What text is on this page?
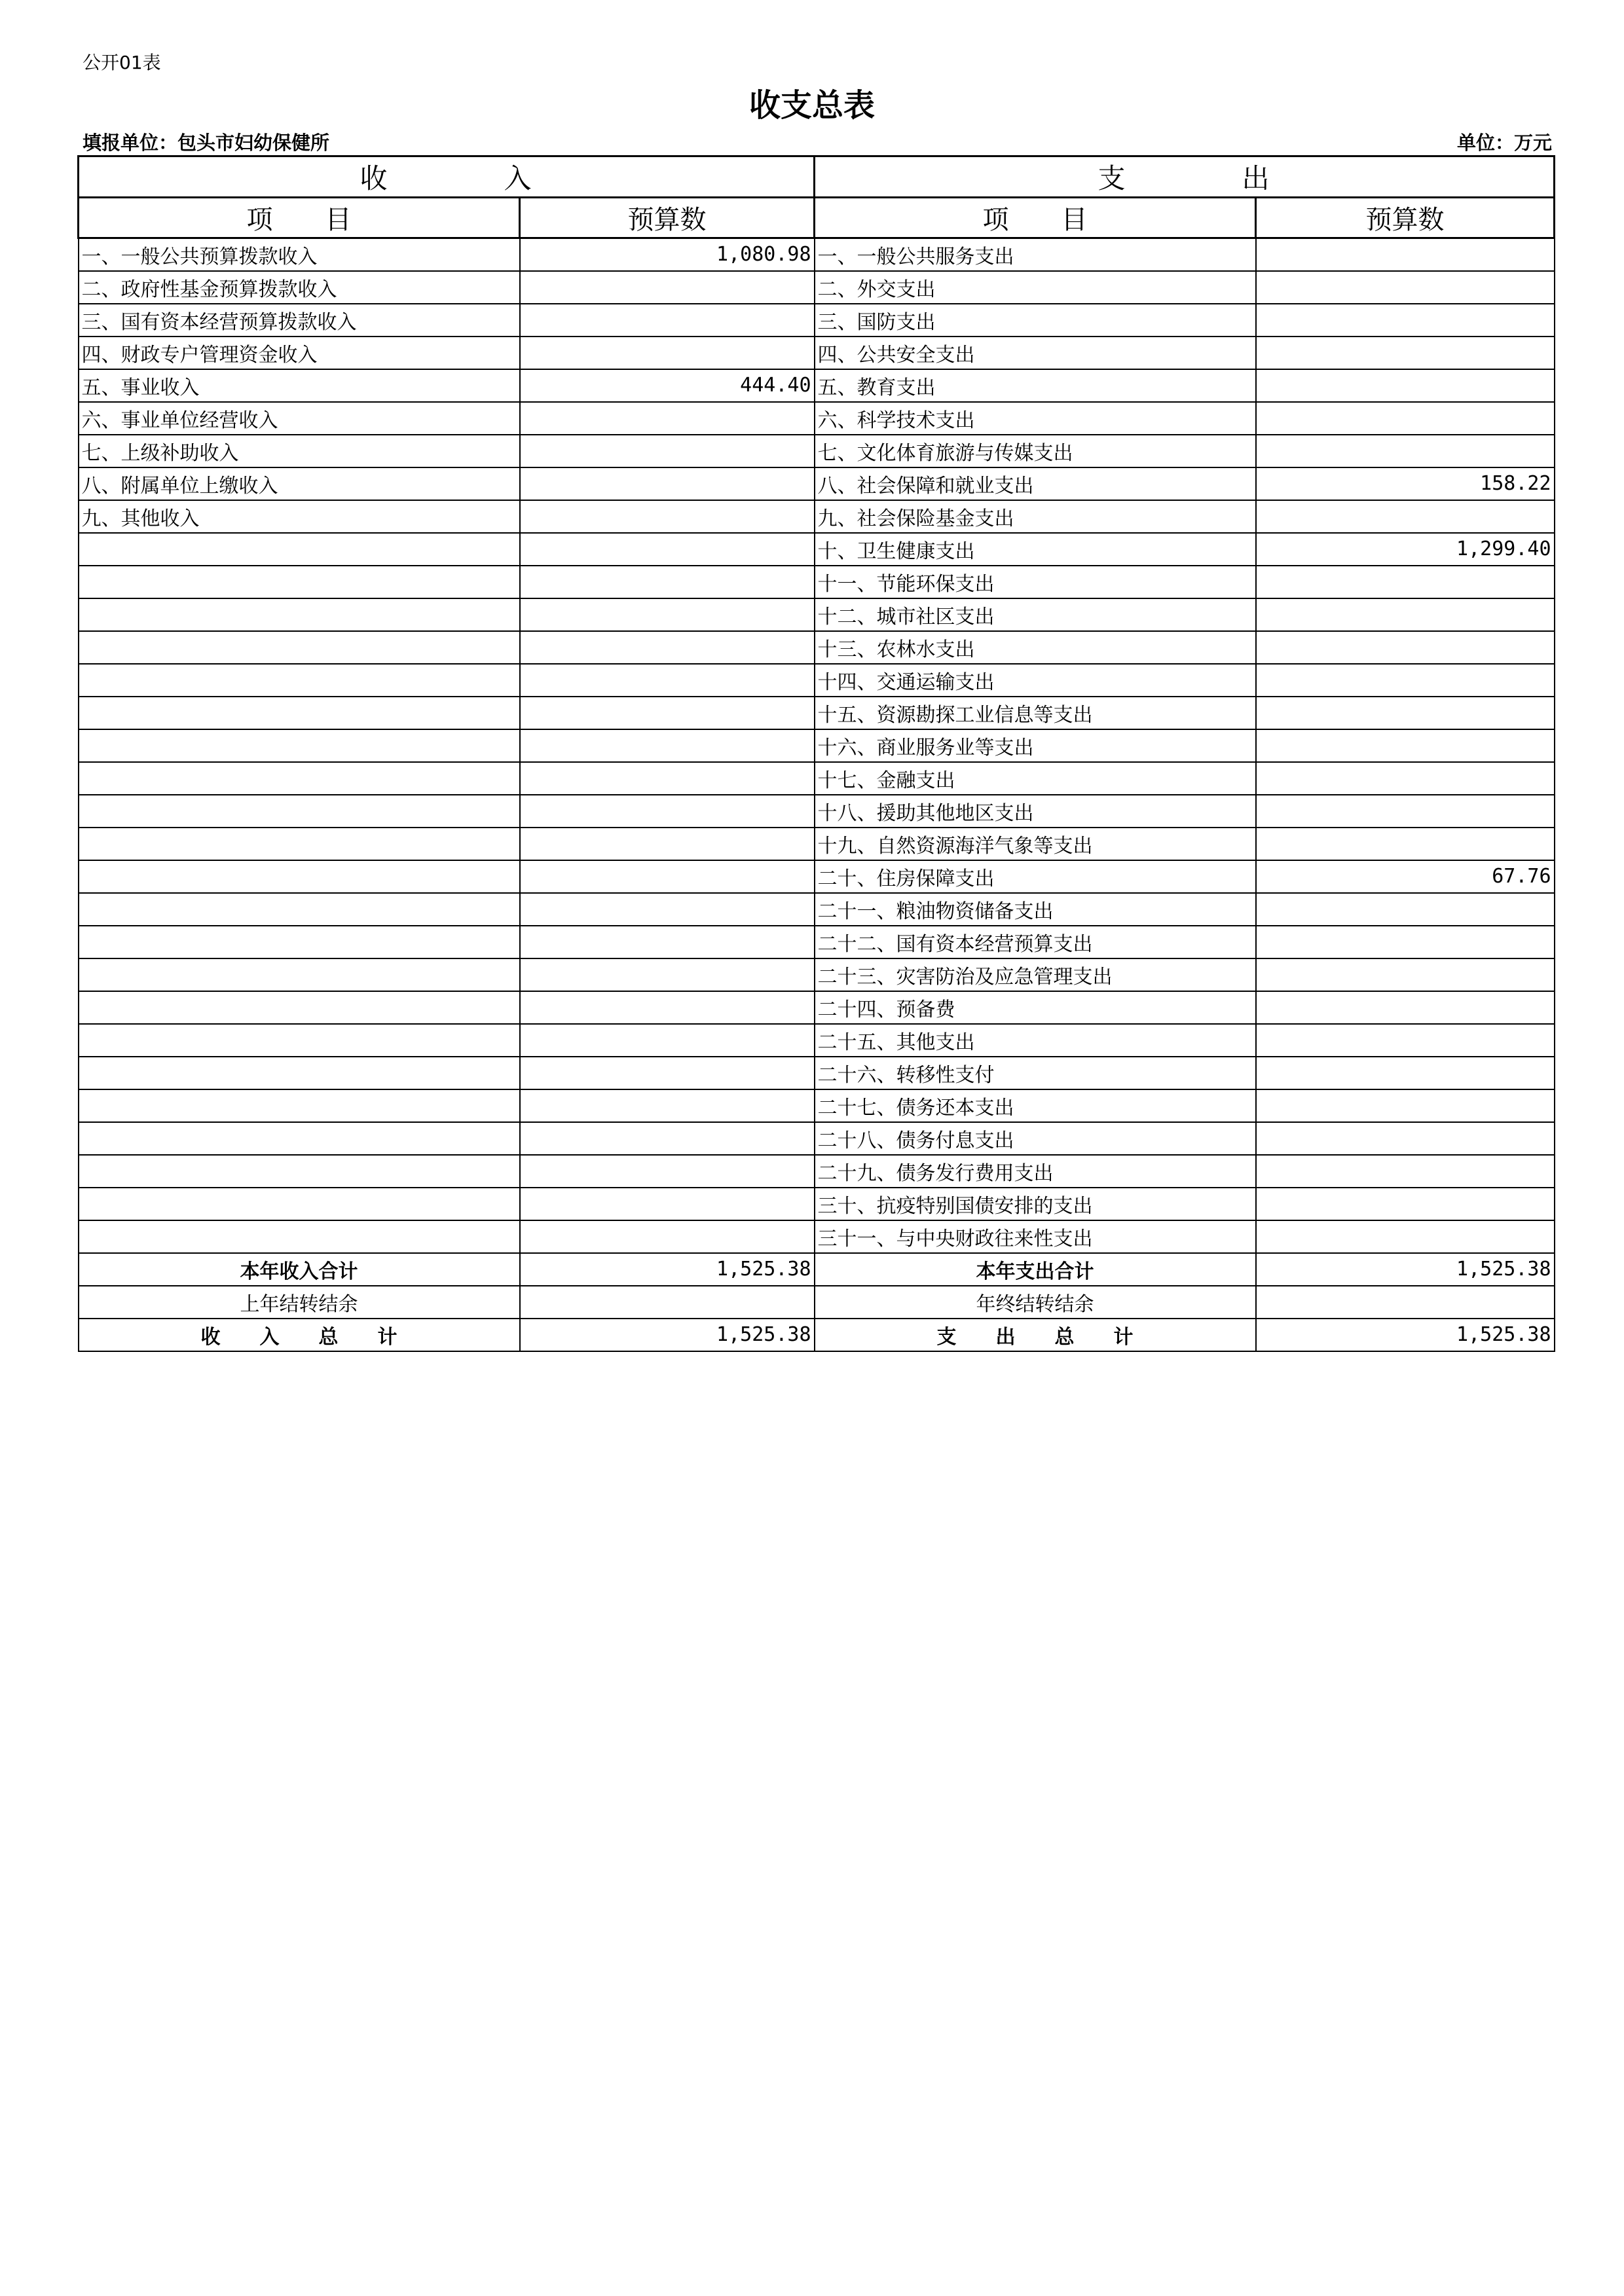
公开01表
收支总表
填报单位：包头市妇幼保健所	单位：万元
收　　　　入		支　　　　出	
项　　目	预算数	项　　目	预算数
一、一般公共预算拨款收入	1,080.98	一、一般公共服务支出	
二、政府性基金预算拨款收入		二、外交支出	
三、国有资本经营预算拨款收入		三、国防支出	
四、财政专户管理资金收入		四、公共安全支出	
五、事业收入	444.40	五、教育支出	
六、事业单位经营收入		六、科学技术支出	
七、上级补助收入		七、文化体育旅游与传媒支出	
八、附属单位上缴收入		八、社会保障和就业支出	158.22
九、其他收入		九、社会保险基金支出	
		十、卫生健康支出	1,299.40
		十一、节能环保支出	
		十二、城市社区支出	
		十三、农林水支出	
		十四、交通运输支出	
		十五、资源勘探工业信息等支出	
		十六、商业服务业等支出	
		十七、金融支出	
		十八、援助其他地区支出	
		十九、自然资源海洋气象等支出	
		二十、住房保障支出	67.76
		二十一、粮油物资储备支出	
		二十二、国有资本经营预算支出	
		二十三、灾害防治及应急管理支出	
		二十四、预备费	
		二十五、其他支出	
		二十六、转移性支付	
		二十七、债务还本支出	
		二十八、债务付息支出	
		二十九、债务发行费用支出	
		三十、抗疫特别国债安排的支出	
		三十一、与中央财政往来性支出	
本年收入合计	1,525.38	本年支出合计	1,525.38
上年结转结余		年终结转结余	
收　　入　　总　　计	1,525.38	支　　出　　总　　计	1,525.38
